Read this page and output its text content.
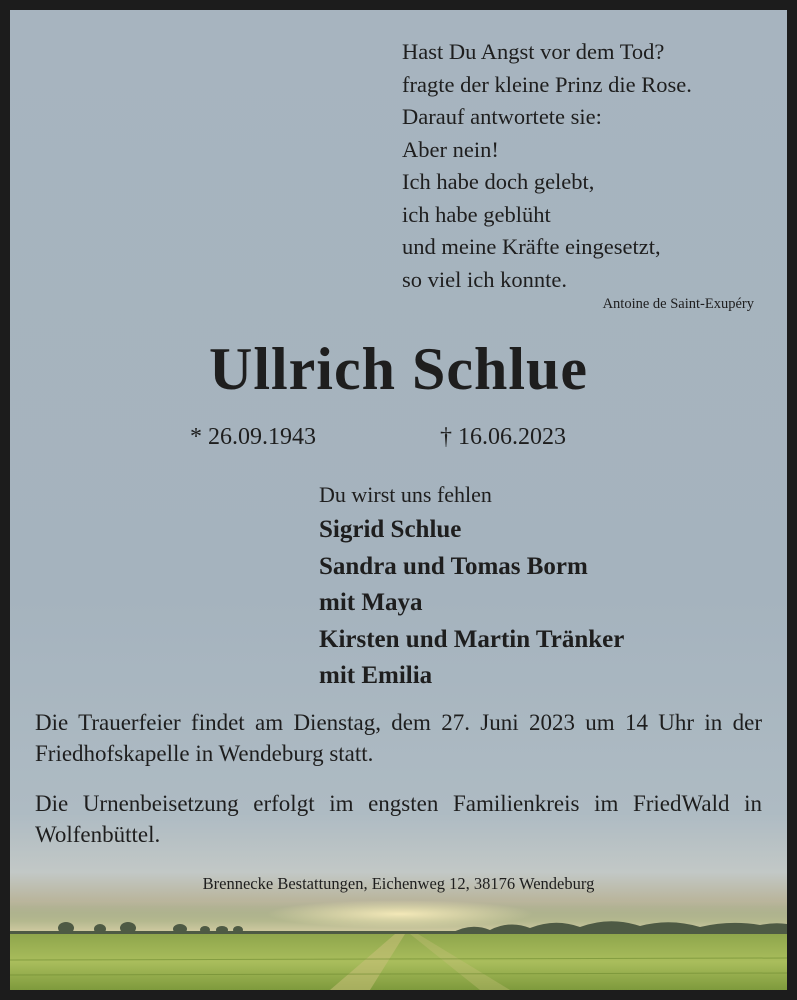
Hast Du Angst vor dem Tod?
fragte der kleine Prinz die Rose.
Darauf antwortete sie:
Aber nein!
Ich habe doch gelebt,
ich habe geblüht
und meine Kräfte eingesetzt,
so viel ich konnte.
Antoine de Saint-Exupéry
Ullrich Schlue
* 26.09.1943	† 16.06.2023
Du wirst uns fehlen
Sigrid Schlue
Sandra und Tomas Borm
mit Maya
Kirsten und Martin Tränker
mit Emilia
Die Trauerfeier findet am Dienstag, dem 27. Juni 2023 um 14 Uhr in der Friedhofskapelle in Wendeburg statt.
Die Urnenbeisetzung erfolgt im engsten Familienkreis im FriedWald in Wolfenbüttel.
Brennecke Bestattungen, Eichenweg 12, 38176 Wendeburg
